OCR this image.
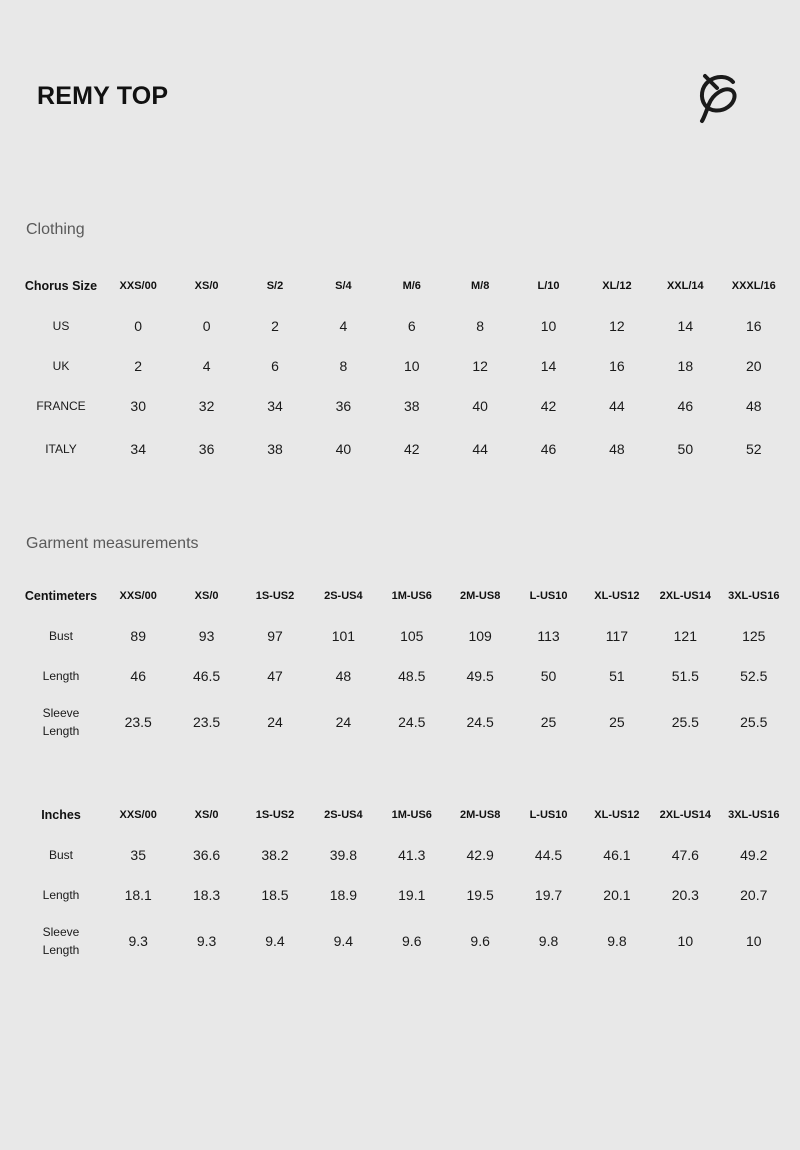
REMY TOP
Clothing
Chorus Size	XXS/00	XS/0	S/2	S/4	M/6	M/8	L/10	XL/12	XXL/14	XXXL/16
US	0	0	2	4	6	8	10	12	14	16
UK	2	4	6	8	10	12	14	16	18	20
FRANCE	30	32	34	36	38	40	42	44	46	48
ITALY	34	36	38	40	42	44	46	48	50	52
Garment measurements
Centimeters	XXS/00	XS/0	1S-US2	2S-US4	1M-US6	2M-US8	L-US10	XL-US12	2XL-US14	3XL-US16
Bust	89	93	97	101	105	109	113	117	121	125
Length	46	46.5	47	48	48.5	49.5	50	51	51.5	52.5

Sleeve
Length	23.5	23.5	24	24	24.5	24.5	25	25	25.5	25.5
Inches	XXS/00	XS/0	1S-US2	2S-US4	1M-US6	2M-US8	L-US10	XL-US12	2XL-US14	3XL-US16
Bust	35	36.6	38.2	39.8	41.3	42.9	44.5	46.1	47.6	49.2
Length	18.1	18.3	18.5	18.9	19.1	19.5	19.7	20.1	20.3	20.7

Sleeve
Length	9.3	9.3	9.4	9.4	9.6	9.6	9.8	9.8	10	10
